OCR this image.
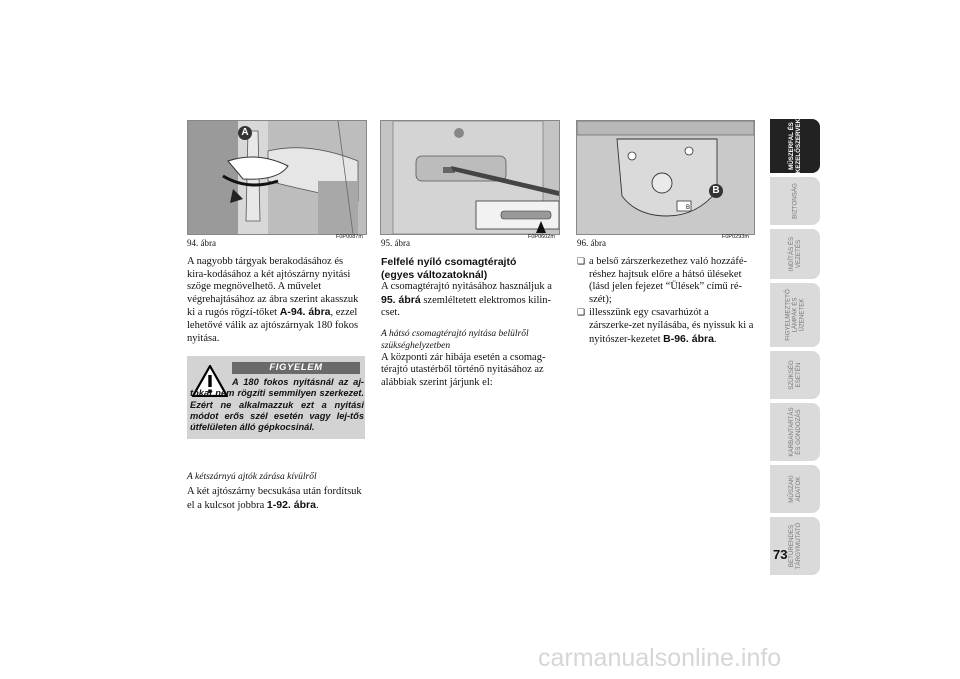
A
94. ábra
F0P0087m
95. ábra
F0P0602m
B
B
96. ábra
F0P0293m

A nagyobb tárgyak berakodásához és kira-kodásához a két ajtószárny nyitási szöge megnövelhető. A művelet végrehajtásához az ábra szerint akasszuk ki a rugós rögzí-tőket A-94. ábra, ezzel lehetővé válik az ajtószárnyak 180 fokos nyitása.

FIGYELEM
A 180 fokos nyitásnál az aj-tókat nem rögzíti semmilyen szerkezet. Ezért ne alkalmazzuk ezt a nyitási módot erős szél esetén vagy lej-tős útfelületen álló gépkocsinál.

A kétszárnyú ajtók zárása kívülről

A két ajtószárny becsukása után fordítsuk el a kulcsot jobbra 1-92. ábra.

Felfelé nyíló csomagtérajtó

(egyes változatoknál)

A csomagtérajtó nyitásához használjuk a 95. ábrá szemléltetett elektromos kilin-cset.

A hátsó csomagtérajtó nyitása belülről szükséghelyzetben

A központi zár hibája esetén a csomag-térajtó utastérből történő nyitásához az alábbiak szerint járjunk el:

❑ a belső zárszerkezethez való hozzáfé-réshez hajtsuk előre a hátsó üléseket (lásd jelen fejezet “Ülések” című ré-szét);
❑ illesszünk egy csavarhúzót a zárszerke-zet nyílásába, és nyissuk ki a nyitószer-kezetet B-96. ábra.
MŰSZERFAL ÉS
KEZELŐSZERVEK
BIZTONSÁG
INDÍTÁS ÉS
VEZETÉS
FIGYELMEZTETŐ
LÁMPÁK ÉS
ÜZENETEK
SZÜKSÉG
ESETÉN
KARBANTARTÁS
ÉS GONDOZÁS
MŰSZAKI
ADATOK
BETŰRENDES
TÁRGYMUTATÓ
73
carmanualsonline.info
